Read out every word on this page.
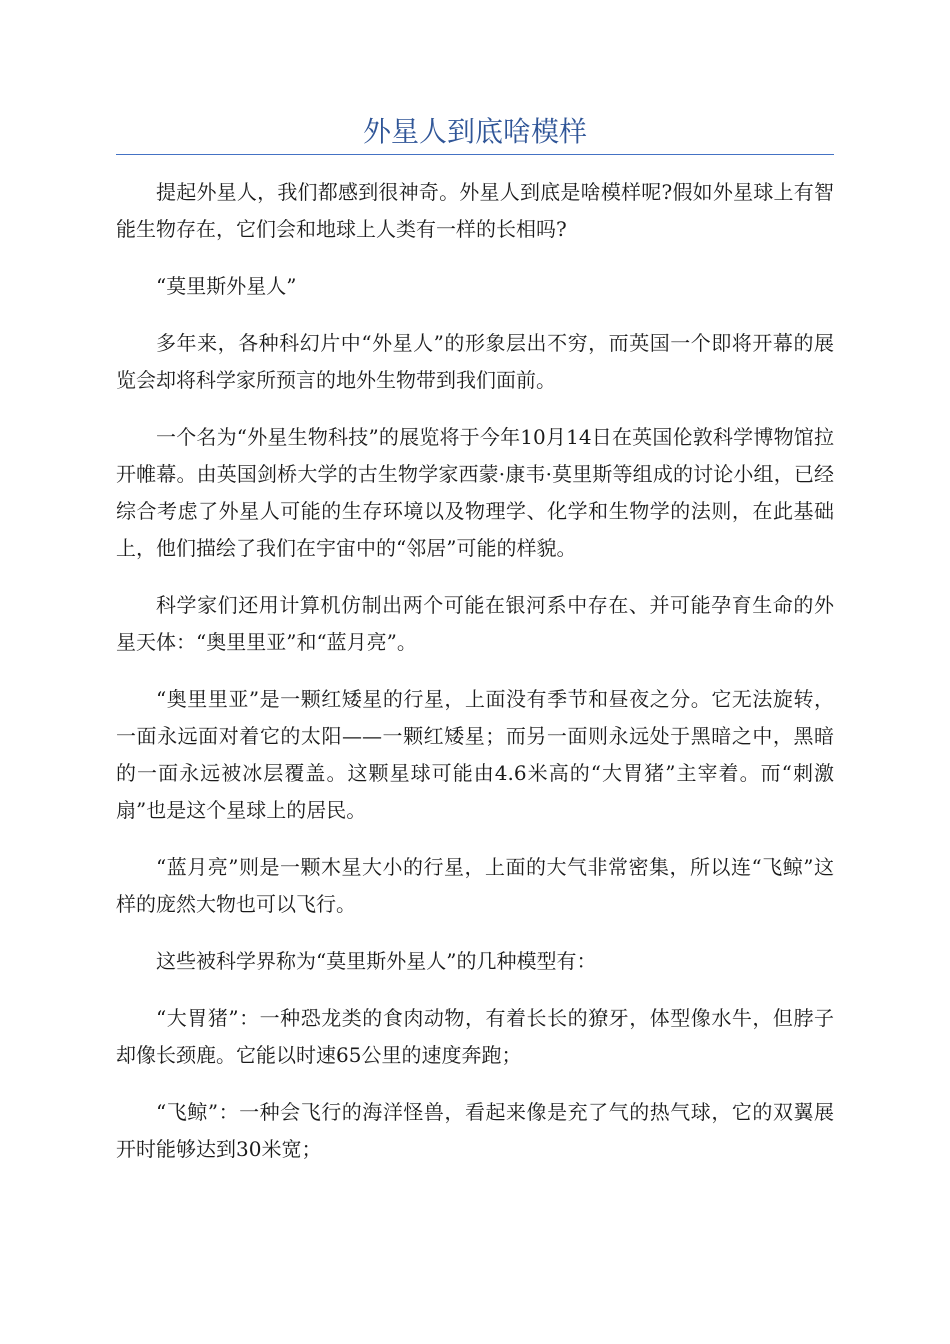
外星人到底啥模样

提起外星人，我们都感到很神奇。外星人到底是啥模样呢?假如外星球上有智能生物存在，它们会和地球上人类有一样的长相吗?

“莫里斯外星人”

多年来，各种科幻片中“外星人”的形象层出不穷，而英国一个即将开幕的展览会却将科学家所预言的地外生物带到我们面前。

一个名为“外星生物科技”的展览将于今年10月14日在英国伦敦科学博物馆拉开帷幕。由英国剑桥大学的古生物学家西蒙·康韦·莫里斯等组成的讨论小组，已经综合考虑了外星人可能的生存环境以及物理学、化学和生物学的法则，在此基础上，他们描绘了我们在宇宙中的“邻居”可能的样貌。

科学家们还用计算机仿制出两个可能在银河系中存在、并可能孕育生命的外星天体：“奥里里亚”和“蓝月亮”。

“奥里里亚”是一颗红矮星的行星，上面没有季节和昼夜之分。它无法旋转，一面永远面对着它的太阳——一颗红矮星；而另一面则永远处于黑暗之中，黑暗的一面永远被冰层覆盖。这颗星球可能由4.6米高的“大胃猪”主宰着。而“刺激扇”也是这个星球上的居民。

“蓝月亮”则是一颗木星大小的行星，上面的大气非常密集，所以连“飞鲸”这样的庞然大物也可以飞行。

这些被科学界称为“莫里斯外星人”的几种模型有：

“大胃猪”：一种恐龙类的食肉动物，有着长长的獠牙，体型像水牛，但脖子却像长颈鹿。它能以时速65公里的速度奔跑；

“飞鲸”：一种会飞行的海洋怪兽，看起来像是充了气的热气球，它的双翼展开时能够达到30米宽；
